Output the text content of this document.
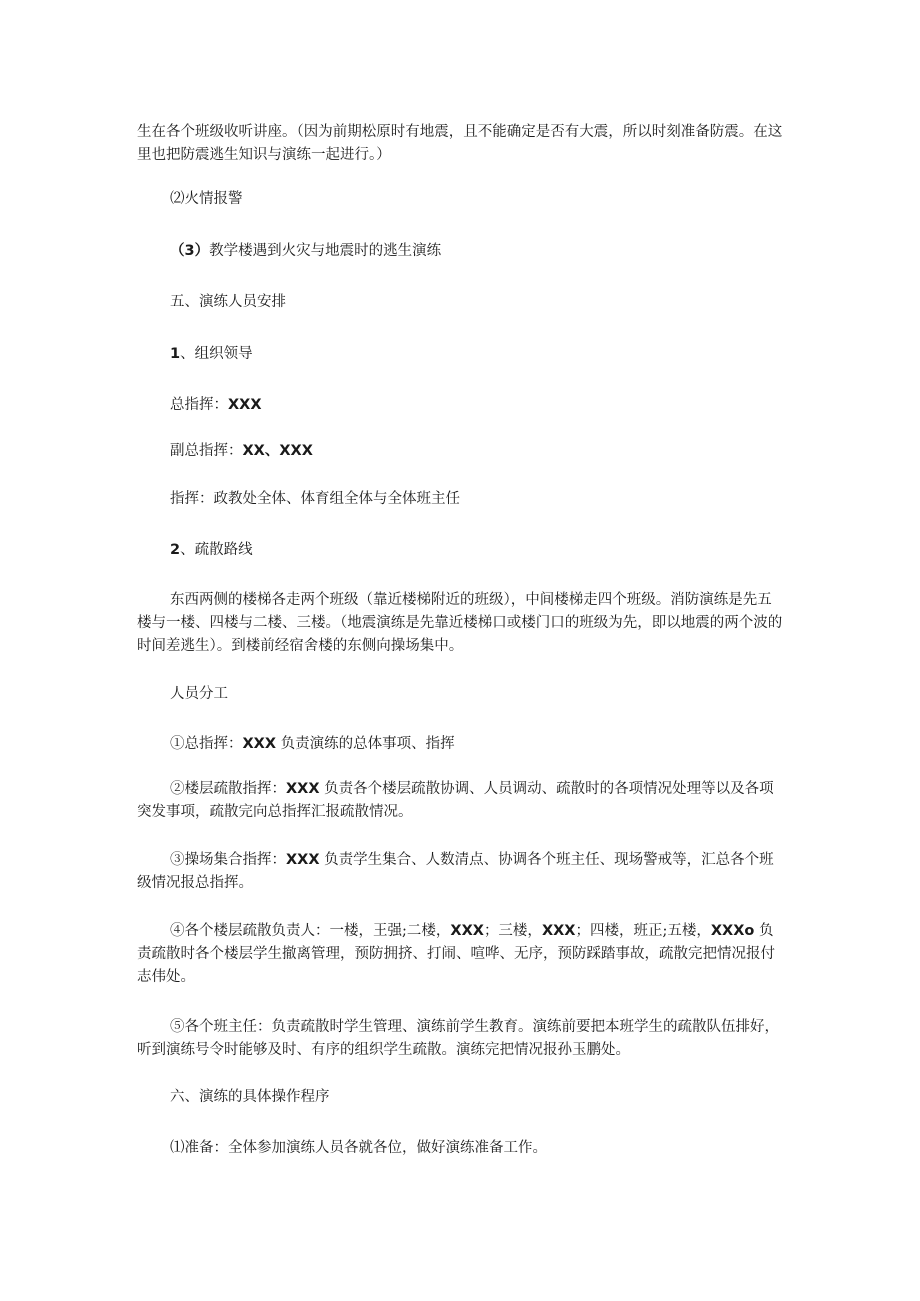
生在各个班级收听讲座。（因为前期松原时有地震，且不能确定是否有大震，所以时刻准备防震。在这里也把防震逃生知识与演练一起进行。）

⑵火情报警

（3）教学楼遇到火灾与地震时的逃生演练

五、演练人员安排

1、组织领导

总指挥：XXX

副总指挥：XX、XXX

指挥：政教处全体、体育组全体与全体班主任

2、疏散路线

东西两侧的楼梯各走两个班级（靠近楼梯附近的班级），中间楼梯走四个班级。消防演练是先五楼与一楼、四楼与二楼、三楼。（地震演练是先靠近楼梯口或楼门口的班级为先，即以地震的两个波的时间差逃生）。到楼前经宿舍楼的东侧向操场集中。

人员分工

①总指挥：XXX 负责演练的总体事项、指挥

②楼层疏散指挥：XXX 负责各个楼层疏散协调、人员调动、疏散时的各项情况处理等以及各项突发事项，疏散完向总指挥汇报疏散情况。

③操场集合指挥：XXX 负责学生集合、人数清点、协调各个班主任、现场警戒等，汇总各个班级情况报总指挥。

④各个楼层疏散负责人：一楼，王强;二楼，XXX；三楼，XXX；四楼，班正;五楼，XXXo 负责疏散时各个楼层学生撤离管理，预防拥挤、打闹、喧哗、无序，预防踩踏事故，疏散完把情况报付志伟处。

⑤各个班主任：负责疏散时学生管理、演练前学生教育。演练前要把本班学生的疏散队伍排好，听到演练号令时能够及时、有序的组织学生疏散。演练完把情况报孙玉鹏处。

六、演练的具体操作程序

⑴准备：全体参加演练人员各就各位，做好演练准备工作。
